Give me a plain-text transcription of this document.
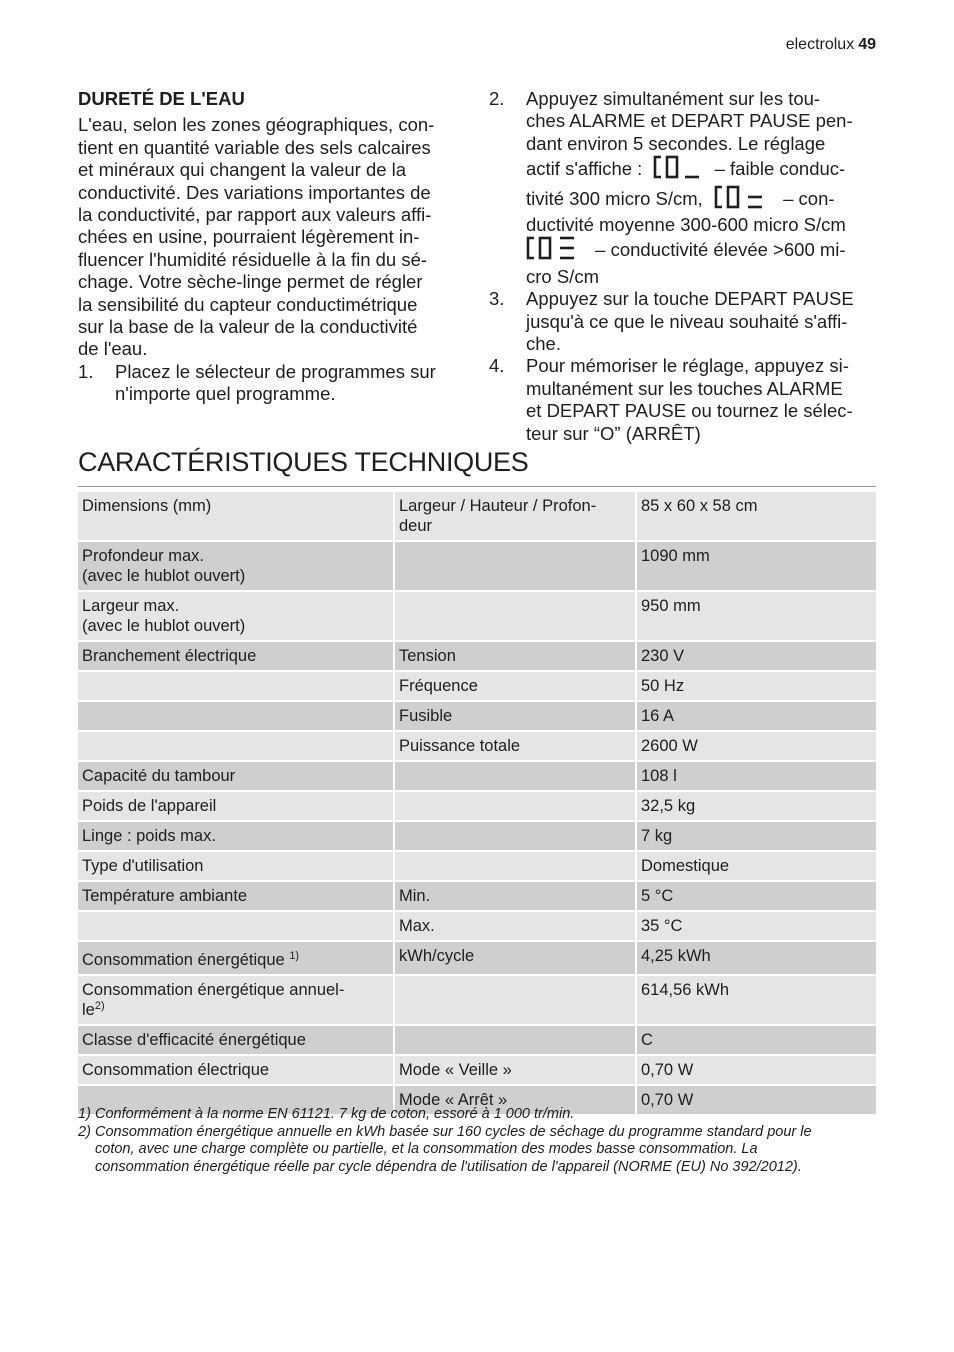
electrolux 49
DURETÉ DE L'EAU

L'eau, selon les zones géographiques, con-
tient en quantité variable des sels calcaires
et minéraux qui changent la valeur de la
conductivité. Des variations importantes de
la conductivité, par rapport aux valeurs affi-
chées en usine, pourraient légèrement in-
fluencer l'humidité résiduelle à la fin du sé-
chage. Votre sèche-linge permet de régler
la sensibilité du capteur conductimétrique
sur la base de la valeur de la conductivité
de l'eau.

1. Placez le sélecteur de programmes sur
n'importe quel programme.
2. Appuyez simultanément sur les tou-
ches ALARME et DEPART PAUSE pen-
dant environ 5 secondes. Le réglage
actif s'affiche :	– faible conduc-
tivité 300 micro S/cm,	– con-
ductivité moyenne 300-600 micro S/cm
– conductivité élevée >600 mi-
cro S/cm
3. Appuyez sur la touche DEPART PAUSE
jusqu'à ce que le niveau souhaité s'affi-
che.
4. Pour mémoriser le réglage, appuyez si-
multanément sur les touches ALARME
et DEPART PAUSE ou tournez le sélec-
teur sur “O” (ARRÊT)
CARACTÉRISTIQUES TECHNIQUES
Dimensions (mm)	Largeur / Hauteur / Profon-
deur	85 x 60 x 58 cm
Profondeur max.
(avec le hublot ouvert)		1090 mm
Largeur max.
(avec le hublot ouvert)		950 mm
Branchement électrique	Tension	230 V
	Fréquence	50 Hz
	Fusible	16 A
	Puissance totale	2600 W
Capacité du tambour		108 l
Poids de l'appareil		32,5 kg
Linge : poids max.		7 kg
Type d'utilisation		Domestique
Température ambiante	Min.	5 °C
	Max.	35 °C
Consommation énergétique $^{1)}$	kWh/cycle	4,25 kWh
Consommation énergétique annuel-
$le^{2)}$		614,56 kWh
Classe d'efficacité énergétique		C
Consommation électrique	Mode « Veille »	0,70 W
	Mode « Arrêt »	0,70 W
1) Conformément à la norme EN 61121. 7 kg de coton, essoré à 1 000 tr/min.
2) Consommation énergétique annuelle en kWh basée sur 160 cycles de séchage du programme standard pour le
coton, avec une charge complète ou partielle, et la consommation des modes basse consommation. La
consommation énergétique réelle par cycle dépendra de l'utilisation de l'appareil (NORME (EU) No 392/2012).
